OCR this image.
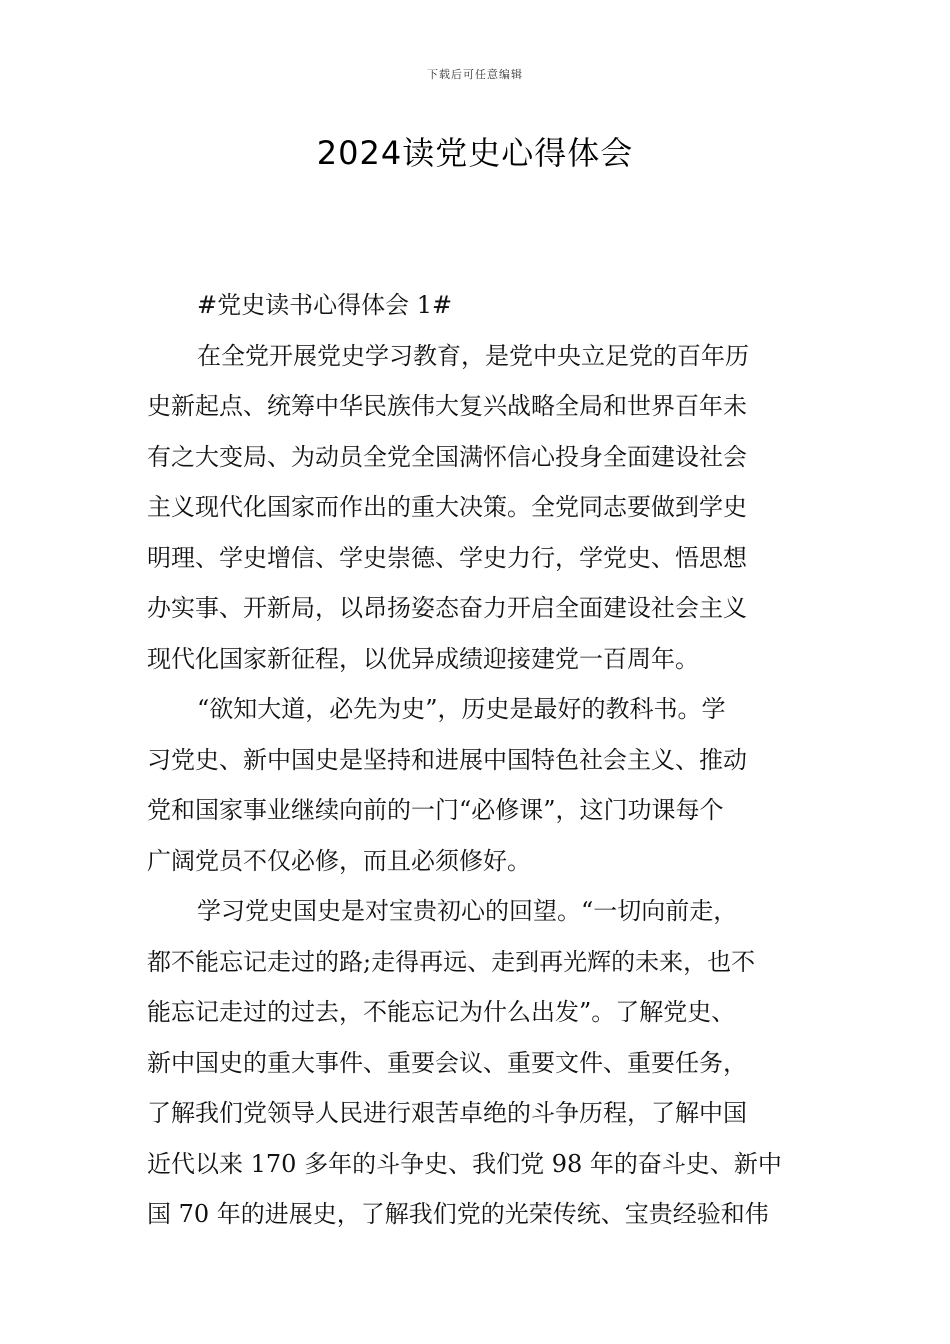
下载后可任意编辑
2024读党史心得体会
#党史读书心得体会 1#
在全党开展党史学习教育，是党中央立足党的百年历
史新起点、统筹中华民族伟大复兴战略全局和世界百年未
有之大变局、为动员全党全国满怀信心投身全面建设社会
主义现代化国家而作出的重大决策。全党同志要做到学史
明理、学史增信、学史崇德、学史力行，学党史、悟思想
办实事、开新局，以昂扬姿态奋力开启全面建设社会主义
现代化国家新征程，以优异成绩迎接建党一百周年。
“欲知大道，必先为史”，历史是最好的教科书。学
习党史、新中国史是坚持和进展中国特色社会主义、推动
党和国家事业继续向前的一门“必修课”，这门功课每个
广阔党员不仅必修，而且必须修好。
学习党史国史是对宝贵初心的回望。“一切向前走，
都不能忘记走过的路;走得再远、走到再光辉的未来，也不
能忘记走过的过去，不能忘记为什么出发”。了解党史、
新中国史的重大事件、重要会议、重要文件、重要任务，
了解我们党领导人民进行艰苦卓绝的斗争历程，了解中国
近代以来 170 多年的斗争史、我们党 98 年的奋斗史、新中
国 70 年的进展史，了解我们党的光荣传统、宝贵经验和伟
